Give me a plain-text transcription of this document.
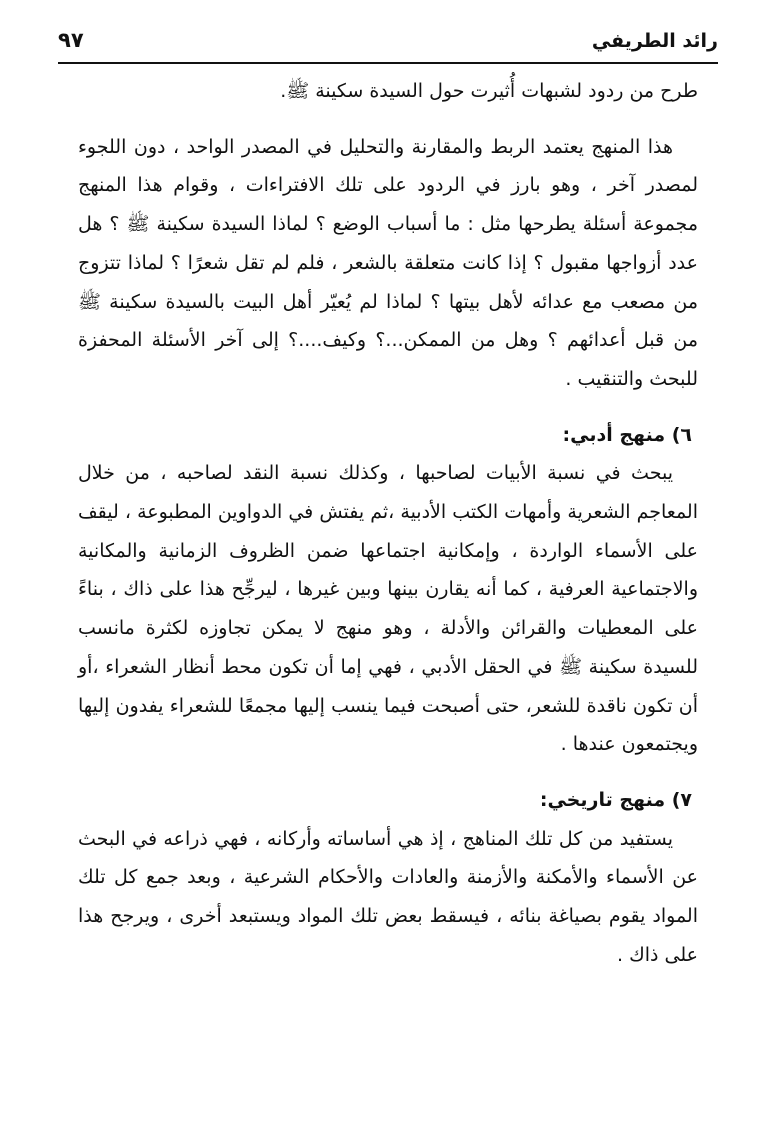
رائد الطريفي
٩٧

طرح من ردود لشبهات أُثيرت حول السيدة سكينة ﷺ.

هذا المنهج يعتمد الربط والمقارنة والتحليل في المصدر الواحد ، دون اللجوء لمصدر آخر ، وهو بارز في الردود على تلك الافتراءات ، وقوام هذا المنهج مجموعة أسئلة يطرحها مثل : ما أسباب الوضع ؟ لماذا السيدة سكينة ﷺ ؟ هل عدد أزواجها مقبول ؟ إذا كانت متعلقة بالشعر ، فلم لم تقل شعرًا ؟ لماذا تتزوج من مصعب مع عدائه لأهل بيتها ؟ لماذا لم يُعيّر أهل البيت بالسيدة سكينة ﷺ من قبل أعدائهم ؟ وهل من الممكن...؟ وكيف....؟ إلى آخر الأسئلة المحفزة للبحث والتنقيب .

٦) منهج أدبي:

يبحث في نسبة الأبيات لصاحبها ، وكذلك نسبة النقد لصاحبه ، من خلال المعاجم الشعرية وأمهات الكتب الأدبية ،ثم يفتش في الدواوين المطبوعة ، ليقف على الأسماء الواردة ، وإمكانية اجتماعها ضمن الظروف الزمانية والمكانية والاجتماعية العرفية ، كما أنه يقارن بينها وبين غيرها ، ليرجِّح هذا على ذاك ، بناءً على المعطيات والقرائن والأدلة ، وهو منهج لا يمكن تجاوزه لكثرة مانسب للسيدة سكينة ﷺ في الحقل الأدبي ، فهي إما أن تكون محط أنظار الشعراء ،أو أن تكون ناقدة للشعر، حتى أصبحت فيما ينسب إليها مجمعًا للشعراء يفدون إليها ويجتمعون عندها .

٧) منهج تاريخي:

يستفيد من كل تلك المناهج ، إذ هي أساساته وأركانه ، فهي ذراعه في البحث عن الأسماء والأمكنة والأزمنة والعادات والأحكام الشرعية ، وبعد جمع كل تلك المواد يقوم بصياغة بنائه ، فيسقط بعض تلك المواد ويستبعد أخرى ، ويرجح هذا على ذاك .
